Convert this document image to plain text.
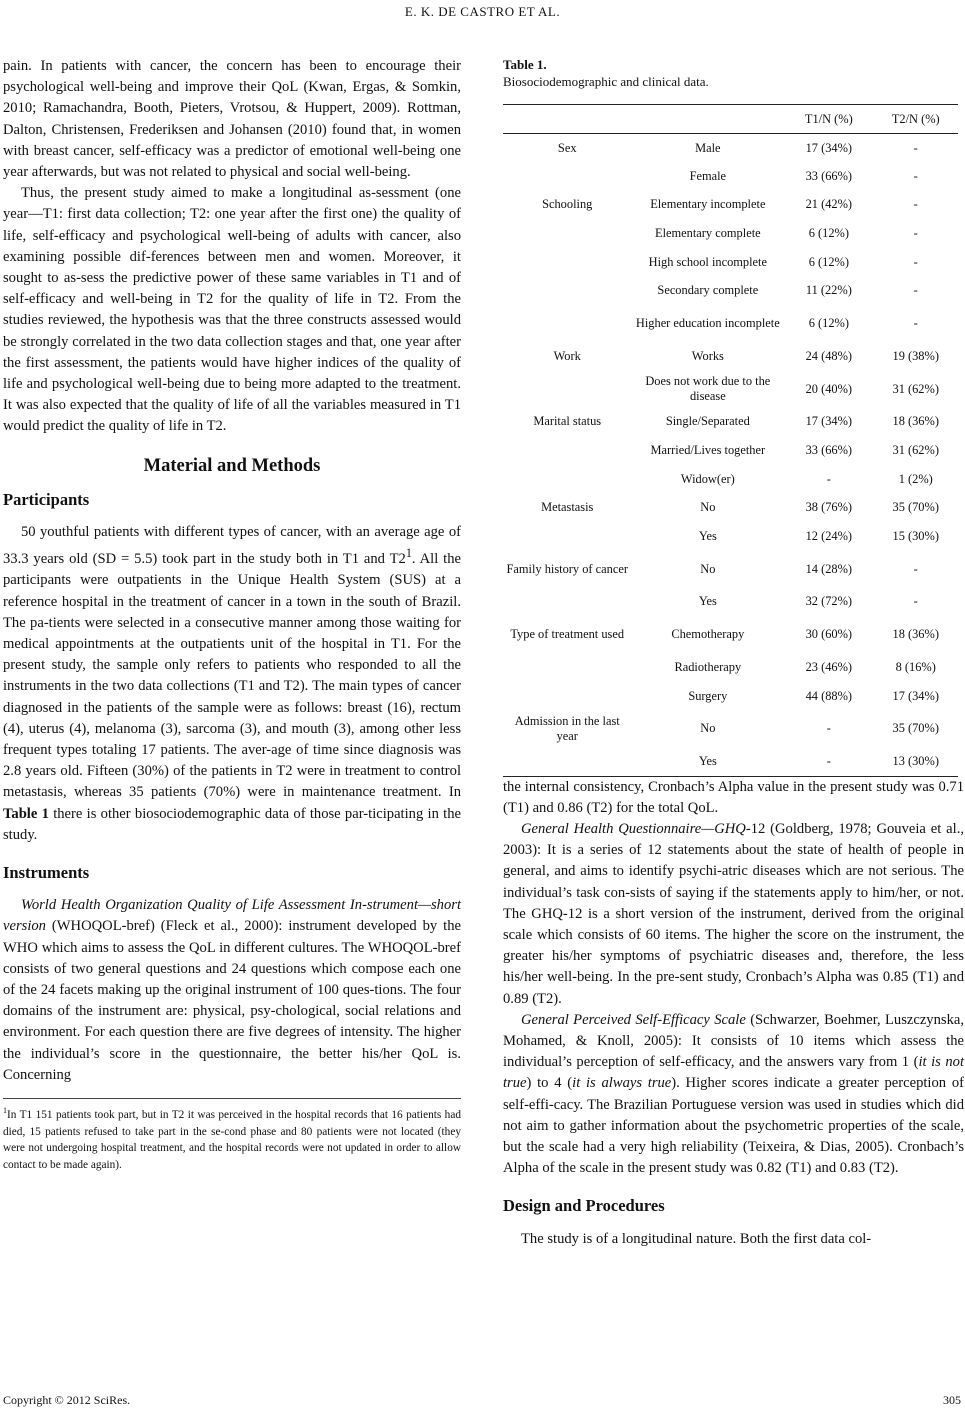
E. K. DE CASTRO ET AL.

pain. In patients with cancer, the concern has been to encourage their psychological well-being and improve their QoL (Kwan, Ergas, & Somkin, 2010; Ramachandra, Booth, Pieters, Vrotsou, & Huppert, 2009). Rottman, Dalton, Christensen, Frederiksen and Johansen (2010) found that, in women with breast cancer, self-efficacy was a predictor of emotional well-being one year afterwards, but was not related to physical and social well-being.

Thus, the present study aimed to make a longitudinal as-sessment (one year—T1: first data collection; T2: one year after the first one) the quality of life, self-efficacy and psychological well-being of adults with cancer, also examining possible dif-ferences between men and women. Moreover, it sought to as-sess the predictive power of these same variables in T1 and of self-efficacy and well-being in T2 for the quality of life in T2. From the studies reviewed, the hypothesis was that the three constructs assessed would be strongly correlated in the two data collection stages and that, one year after the first assessment, the patients would have higher indices of the quality of life and psychological well-being due to being more adapted to the treatment. It was also expected that the quality of life of all the variables measured in T1 would predict the quality of life in T2.

Material and Methods
Participants

50 youthful patients with different types of cancer, with an average age of 33.3 years old (SD = 5.5) took part in the study both in T1 and $T2^1$. All the participants were outpatients in the Unique Health System (SUS) at a reference hospital in the treatment of cancer in a town in the south of Brazil. The pa-tients were selected in a consecutive manner among those waiting for medical appointments at the outpatients unit of the hospital in T1. For the present study, the sample only refers to patients who responded to all the instruments in the two data collections (T1 and T2). The main types of cancer diagnosed in the patients of the sample were as follows: breast (16), rectum (4), uterus (4), melanoma (3), sarcoma (3), and mouth (3), among other less frequent types totaling 17 patients. The aver-age of time since diagnosis was 2.8 years old. Fifteen (30%) of the patients in T2 were in treatment to control metastasis, whereas 35 patients (70%) were in maintenance treatment. In Table 1 there is other biosociodemographic data of those par-ticipating in the study.

Instruments

World Health Organization Quality of Life Assessment In-strument—short version (WHOQOL-bref) (Fleck et al., 2000): instrument developed by the WHO which aims to assess the QoL in different cultures. The WHOQOL-bref consists of two general questions and 24 questions which compose each one of the 24 facets making up the original instrument of 100 ques-tions. The four domains of the instrument are: physical, psy-chological, social relations and environment. For each question there are five degrees of intensity. The higher the individual’s score in the questionnaire, the better his/her QoL is. Concerning

$^1$In T1 151 patients took part, but in T2 it was perceived in the hospital records that 16 patients had died, 15 patients refused to take part in the se-cond phase and 80 patients were not located (they were not undergoing hospital treatment, and the hospital records were not updated in order to allow contact to be made again).

Table 1.
Biosociodemographic and clinical data.
		T1/N (%)	T2/N (%)
Sex	Male	17 (34%)	-
	Female	33 (66%)	-
Schooling	Elementary incomplete	21 (42%)	-
	Elementary complete	6 (12%)	-
	High school incomplete	6 (12%)	-
	Secondary complete	11 (22%)	-
	Higher education incomplete	6 (12%)	-
Work	Works	24 (48%)	19 (38%)
	Does not work due to the disease	20 (40%)	31 (62%)
Marital status	Single/Separated	17 (34%)	18 (36%)
	Married/Lives together	33 (66%)	31 (62%)
	Widow(er)	-	1 (2%)
Metastasis	No	38 (76%)	35 (70%)
	Yes	12 (24%)	15 (30%)
Family history of cancer	No	14 (28%)	-
	Yes	32 (72%)	-
Type of treatment used	Chemotherapy	30 (60%)	18 (36%)
	Radiotherapy	23 (46%)	8 (16%)
	Surgery	44 (88%)	17 (34%)
Admission in the last year	No	-	35 (70%)
	Yes	-	13 (30%)

the internal consistency, Cronbach’s Alpha value in the present study was 0.71 (T1) and 0.86 (T2) for the total QoL.

General Health Questionnaire—GHQ-12 (Goldberg, 1978; Gouveia et al., 2003): It is a series of 12 statements about the state of health of people in general, and aims to identify psychi-atric diseases which are not serious. The individual’s task con-sists of saying if the statements apply to him/her, or not. The GHQ-12 is a short version of the instrument, derived from the original scale which consists of 60 items. The higher the score on the instrument, the greater his/her symptoms of psychiatric diseases and, therefore, the less his/her well-being. In the pre-sent study, Cronbach’s Alpha was 0.85 (T1) and 0.89 (T2).

General Perceived Self-Efficacy Scale (Schwarzer, Boehmer, Luszczynska, Mohamed, & Knoll, 2005): It consists of 10 items which assess the individual’s perception of self-efficacy, and the answers vary from 1 (it is not true) to 4 (it is always true). Higher scores indicate a greater perception of self-effi-cacy. The Brazilian Portuguese version was used in studies which did not aim to gather information about the psychometric properties of the scale, but the scale had a very high reliability (Teixeira, & Dias, 2005). Cronbach’s Alpha of the scale in the present study was 0.82 (T1) and 0.83 (T2).

Design and Procedures

The study is of a longitudinal nature. Both the first data col-

Copyright © 2012 SciRes.	305
